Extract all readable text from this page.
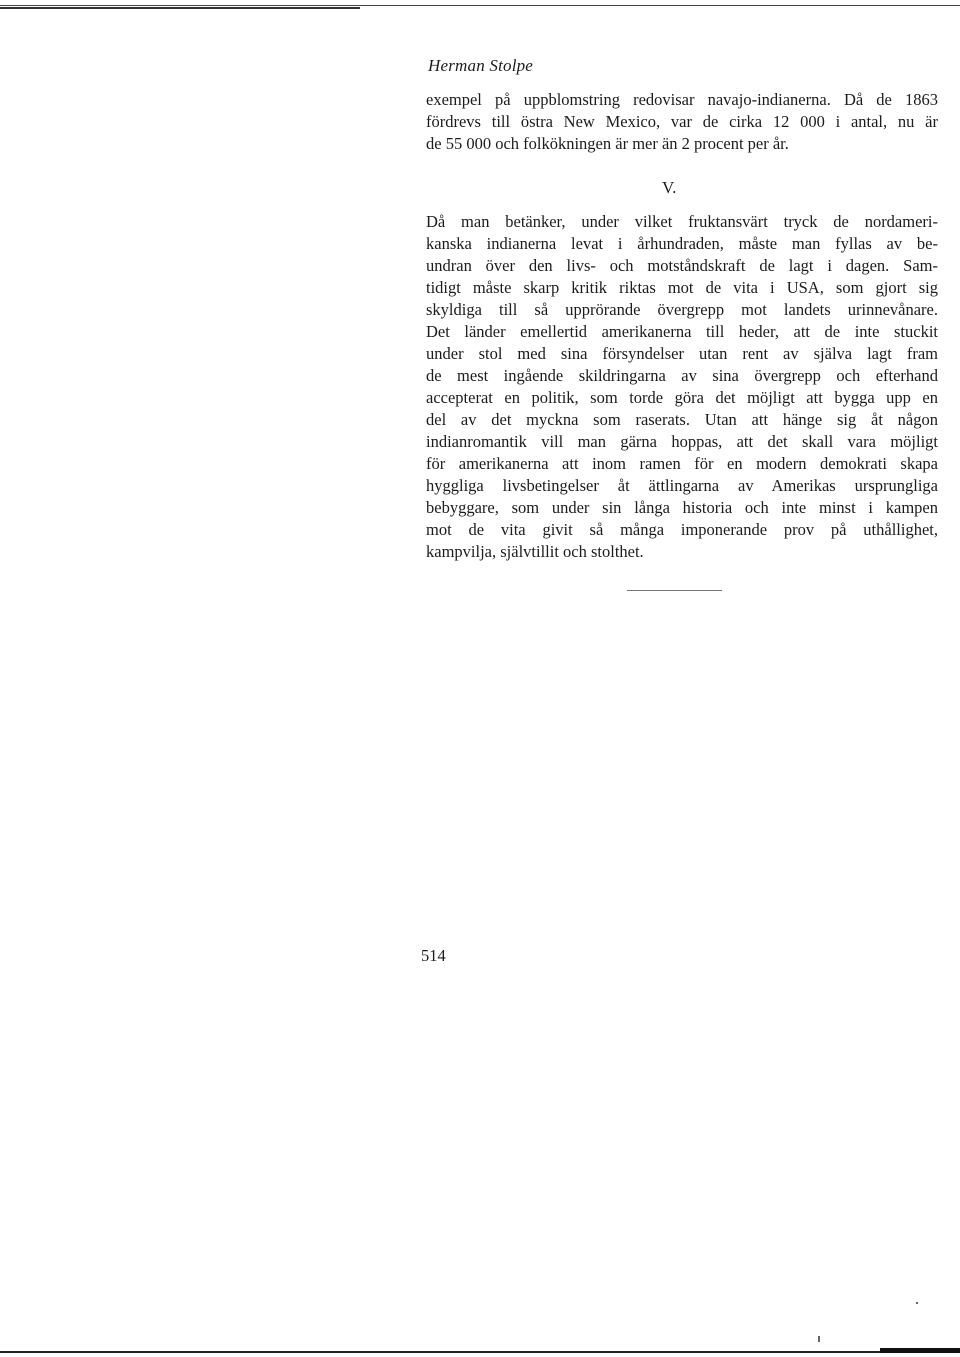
Herman Stolpe
exempel på uppblomstring redovisar navajo-indianerna. Då de 1863
fördrevs till östra New Mexico, var de cirka 12 000 i antal, nu är
de 55 000 och folkökningen är mer än 2 procent per år.
V.
Då man betänker, under vilket fruktansvärt tryck de nordameri-
kanska indianerna levat i århundraden, måste man fyllas av be-
undran över den livs- och motståndskraft de lagt i dagen. Sam-
tidigt måste skarp kritik riktas mot de vita i USA, som gjort sig
skyldiga till så upprörande övergrepp mot landets urinnevånare.
Det länder emellertid amerikanerna till heder, att de inte stuckit
under stol med sina försyndelser utan rent av själva lagt fram
de mest ingående skildringarna av sina övergrepp och efterhand
accepterat en politik, som torde göra det möjligt att bygga upp en
del av det myckna som raserats. Utan att hänge sig åt någon
indianromantik vill man gärna hoppas, att det skall vara möjligt
för amerikanerna att inom ramen för en modern demokrati skapa
hyggliga livsbetingelser åt ättlingarna av Amerikas ursprungliga
bebyggare, som under sin långa historia och inte minst i kampen
mot de vita givit så många imponerande prov på uthållighet,
kampvilja, självtillit och stolthet.
514
